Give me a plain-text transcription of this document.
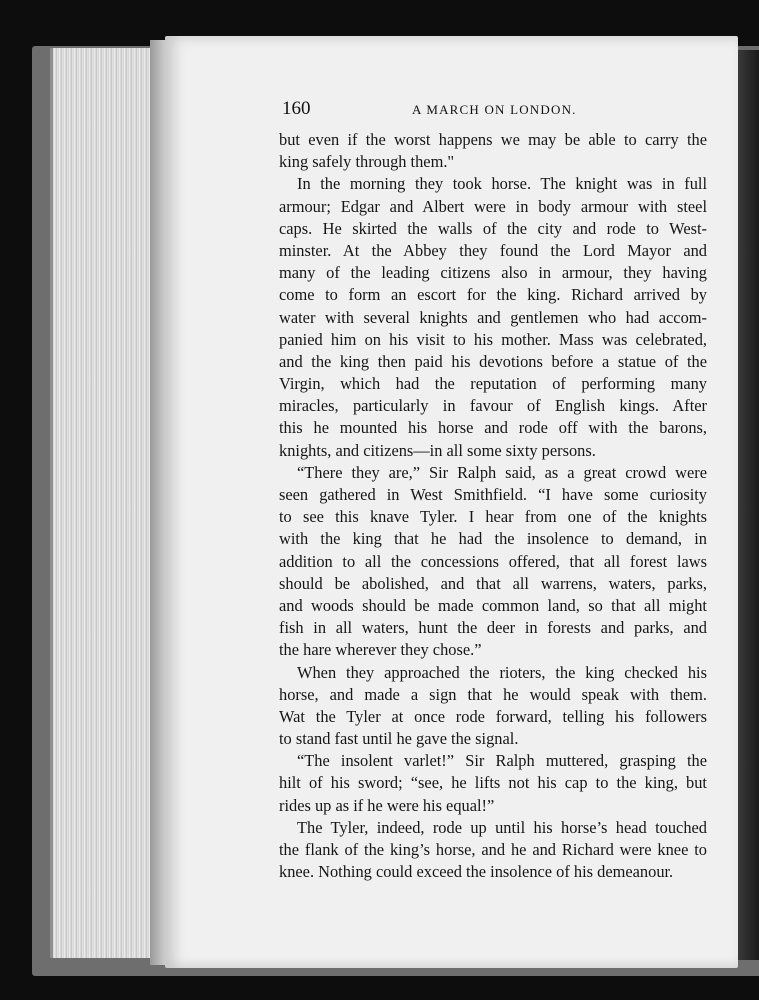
160	A MARCH ON LONDON.
but even if the worst happens we may be able to carry the
king safely through them."
In the morning they took horse. The knight was in full
armour; Edgar and Albert were in body armour with steel
caps. He skirted the walls of the city and rode to West-
minster. At the Abbey they found the Lord Mayor and
many of the leading citizens also in armour, they having
come to form an escort for the king. Richard arrived by
water with several knights and gentlemen who had accom-
panied him on his visit to his mother. Mass was celebrated,
and the king then paid his devotions before a statue of the
Virgin, which had the reputation of performing many
miracles, particularly in favour of English kings. After
this he mounted his horse and rode off with the barons,
knights, and citizens—in all some sixty persons.
“There they are,” Sir Ralph said, as a great crowd were
seen gathered in West Smithfield. “I have some curiosity
to see this knave Tyler. I hear from one of the knights
with the king that he had the insolence to demand, in
addition to all the concessions offered, that all forest laws
should be abolished, and that all warrens, waters, parks,
and woods should be made common land, so that all might
fish in all waters, hunt the deer in forests and parks, and
the hare wherever they chose.”
When they approached the rioters, the king checked his
horse, and made a sign that he would speak with them.
Wat the Tyler at once rode forward, telling his followers
to stand fast until he gave the signal.
“The insolent varlet!” Sir Ralph muttered, grasping the
hilt of his sword; “see, he lifts not his cap to the king, but
rides up as if he were his equal!”
The Tyler, indeed, rode up until his horse’s head touched
the flank of the king’s horse, and he and Richard were knee to
knee. Nothing could exceed the insolence of his demeanour.
